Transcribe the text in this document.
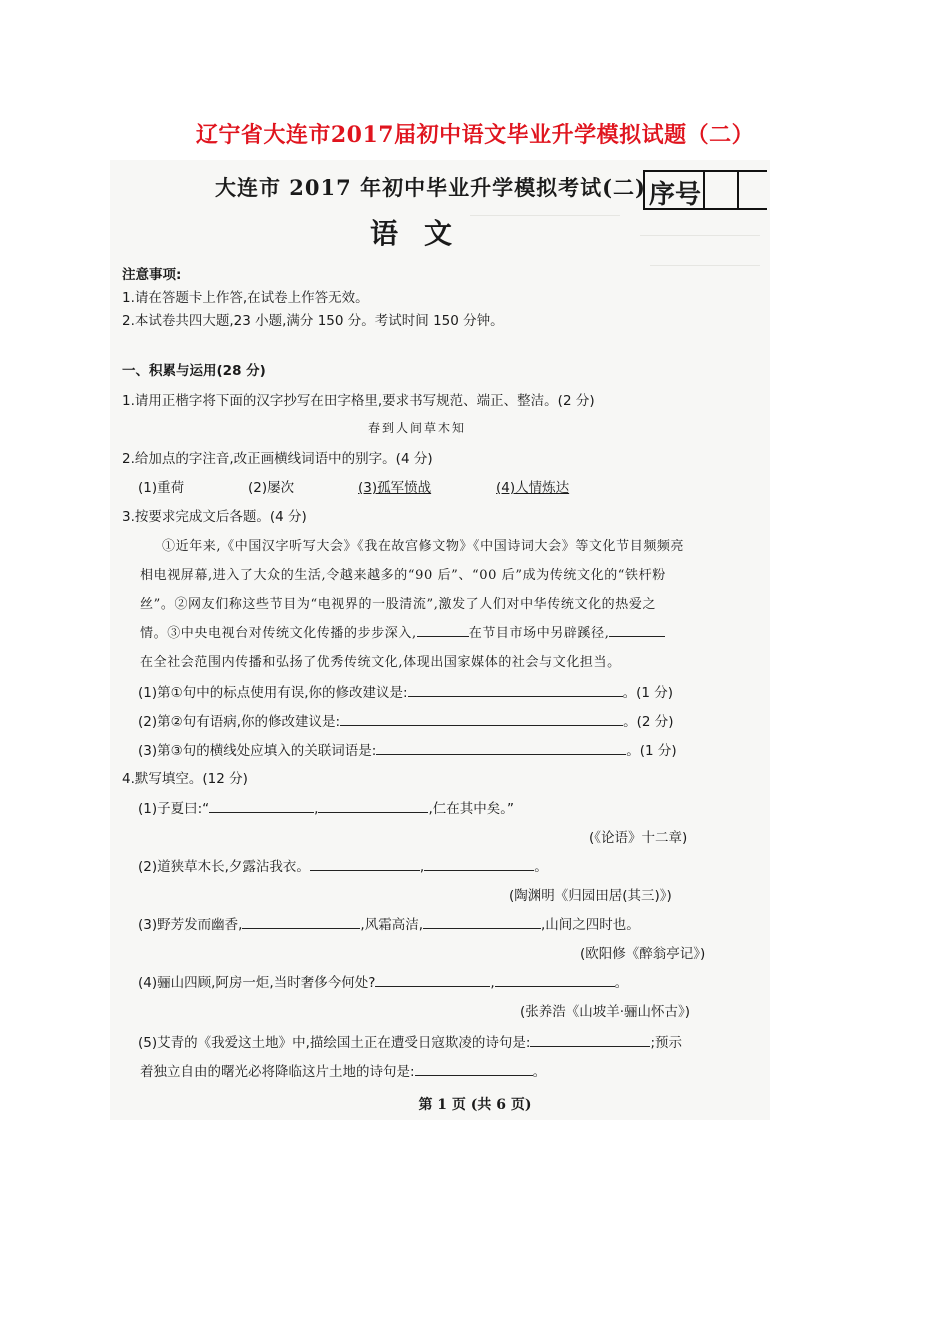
辽宁省大连市2017届初中语文毕业升学模拟试题（二）
大连市 2017 年初中毕业升学模拟考试(二) 序号
语文
注意事项:
1.请在答题卡上作答,在试卷上作答无效。
2.本试卷共四大题,23 小题,满分 150 分。考试时间 150 分钟。
一、积累与运用(28 分)
1.请用正楷字将下面的汉字抄写在田字格里,要求书写规范、端正、整洁。(2 分)
春到人间草木知
2.给加点的字注音,改正画横线词语中的别字。(4 分)
(1)重荷	(2)屡次	(3)孤军愤战	(4)人情炼达
3.按要求完成文后各题。(4 分)
①近年来,《中国汉字听写大会》《我在故宫修文物》《中国诗词大会》等文化节目频频亮
相电视屏幕,进入了大众的生活,令越来越多的“90 后”、“00 后”成为传统文化的“铁杆粉
丝”。②网友们称这些节目为“电视界的一股清流”,激发了人们对中华传统文化的热爱之
情。③中央电视台对传统文化传播的步步深入,	在节目市场中另辟蹊径,
在全社会范围内传播和弘扬了优秀传统文化,体现出国家媒体的社会与文化担当。
(1)第①句中的标点使用有误,你的修改建议是:	。(1 分)
(2)第②句有语病,你的修改建议是:	。(2 分)
(3)第③句的横线处应填入的关联词语是:	。(1 分)
4.默写填空。(12 分)
(1)子夏曰:“	,	,仁在其中矣。”
(《论语》十二章)
(2)道狭草木长,夕露沾我衣。	,	。
(陶渊明《归园田居(其三)》)
(3)野芳发而幽香,	,风霜高洁,	,山间之四时也。
(欧阳修《醉翁亭记》)
(4)骊山四顾,阿房一炬,当时奢侈今何处?	,	。
(张养浩《山坡羊·骊山怀古》)
(5)艾青的《我爱这土地》中,描绘国土正在遭受日寇欺凌的诗句是:	;预示
着独立自由的曙光必将降临这片土地的诗句是:	。
第 1 页 (共 6 页)
